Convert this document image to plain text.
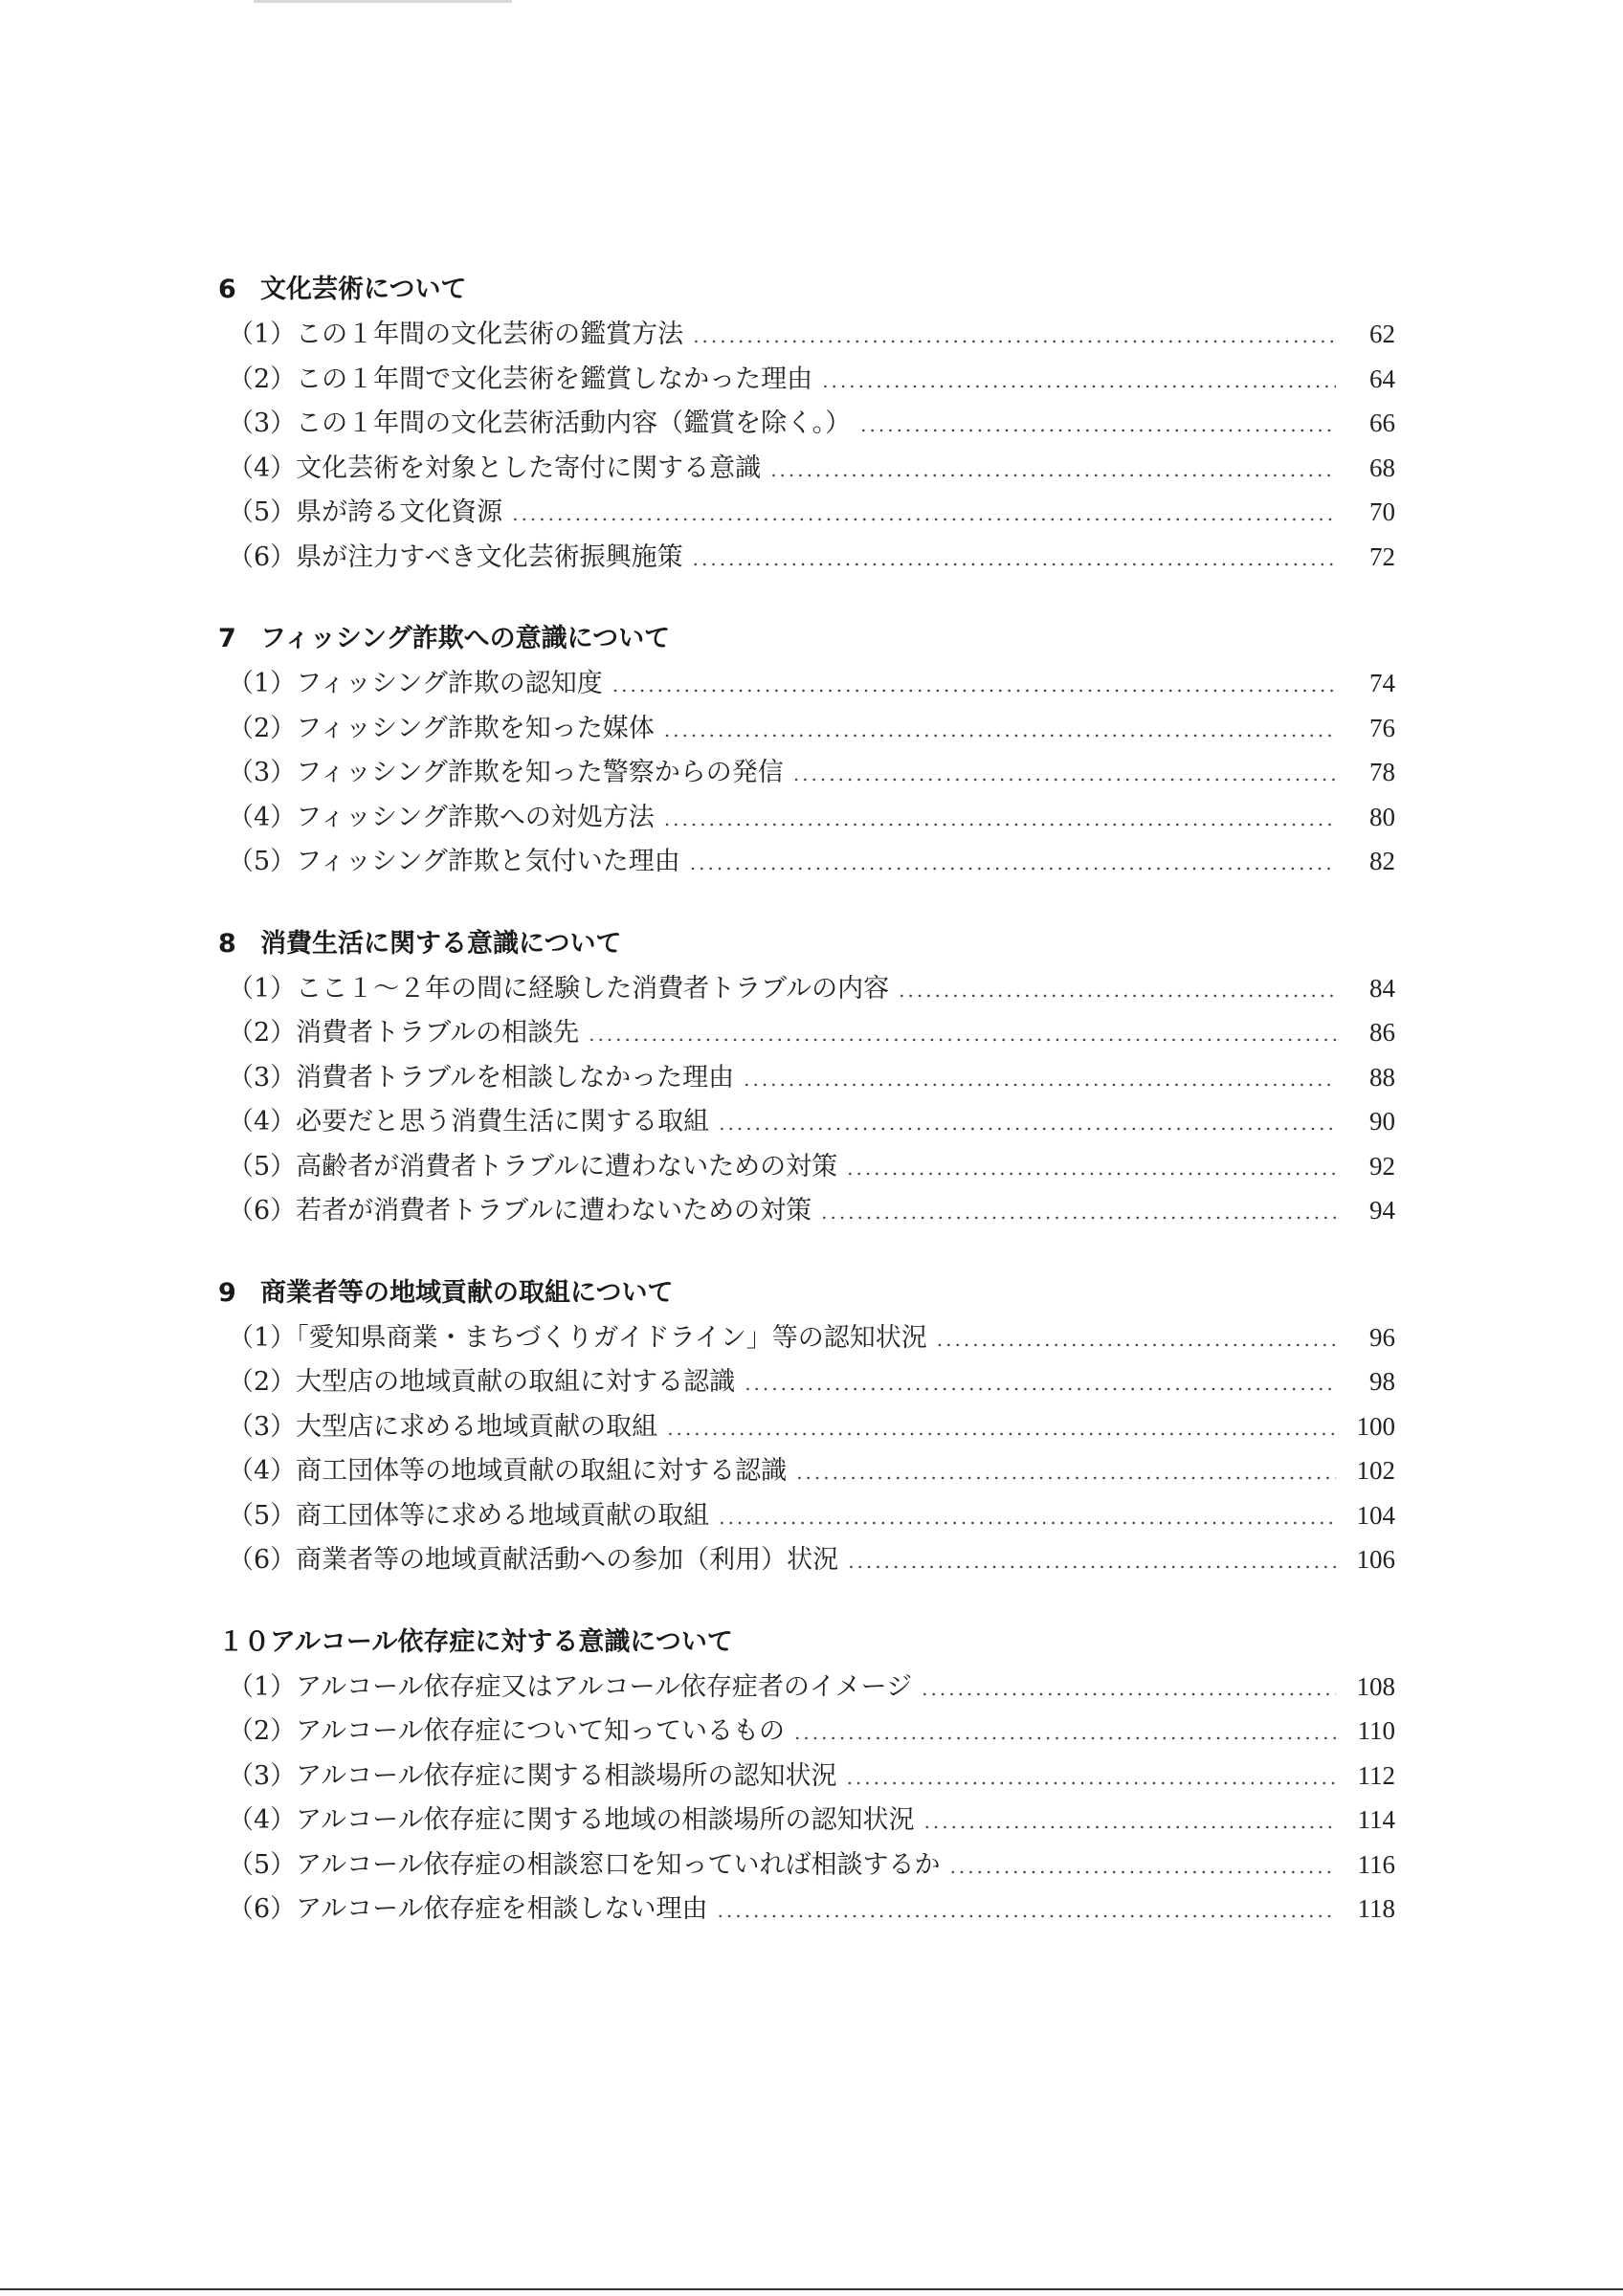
6 文化芸術について
（1）この１年間の文化芸術の鑑賞方法 .....	62
（2）この１年間で文化芸術を鑑賞しなかった理由 .....	64
（3）この１年間の文化芸術活動内容（鑑賞を除く。） .....	66
（4）文化芸術を対象とした寄付に関する意識 .....	68
（5）県が誇る文化資源 .....	70
（6）県が注力すべき文化芸術振興施策 .....	72
7 フィッシング詐欺への意識について
（1）フィッシング詐欺の認知度 .....	74
（2）フィッシング詐欺を知った媒体 .....	76
（3）フィッシング詐欺を知った警察からの発信 .....	78
（4）フィッシング詐欺への対処方法 .....	80
（5）フィッシング詐欺と気付いた理由 .....	82
8 消費生活に関する意識について
（1）ここ１～２年の間に経験した消費者トラブルの内容 .....	84
（2）消費者トラブルの相談先 .....	86
（3）消費者トラブルを相談しなかった理由 .....	88
（4）必要だと思う消費生活に関する取組 .....	90
（5）高齢者が消費者トラブルに遭わないための対策 .....	92
（6）若者が消費者トラブルに遭わないための対策 .....	94
9 商業者等の地域貢献の取組について
（1）「愛知県商業・まちづくりガイドライン」等の認知状況 .....	96
（2）大型店の地域貢献の取組に対する認識 .....	98
（3）大型店に求める地域貢献の取組 .....	100
（4）商工団体等の地域貢献の取組に対する認識 .....	102
（5）商工団体等に求める地域貢献の取組 .....	104
（6）商業者等の地域貢献活動への参加（利用）状況 .....	106
１０アルコール依存症に対する意識について
（1）アルコール依存症又はアルコール依存症者のイメージ .....	108
（2）アルコール依存症について知っているもの .....	110
（3）アルコール依存症に関する相談場所の認知状況 .....	112
（4）アルコール依存症に関する地域の相談場所の認知状況 .....	114
（5）アルコール依存症の相談窓口を知っていれば相談するか .....	116
（6）アルコール依存症を相談しない理由 .....	118
